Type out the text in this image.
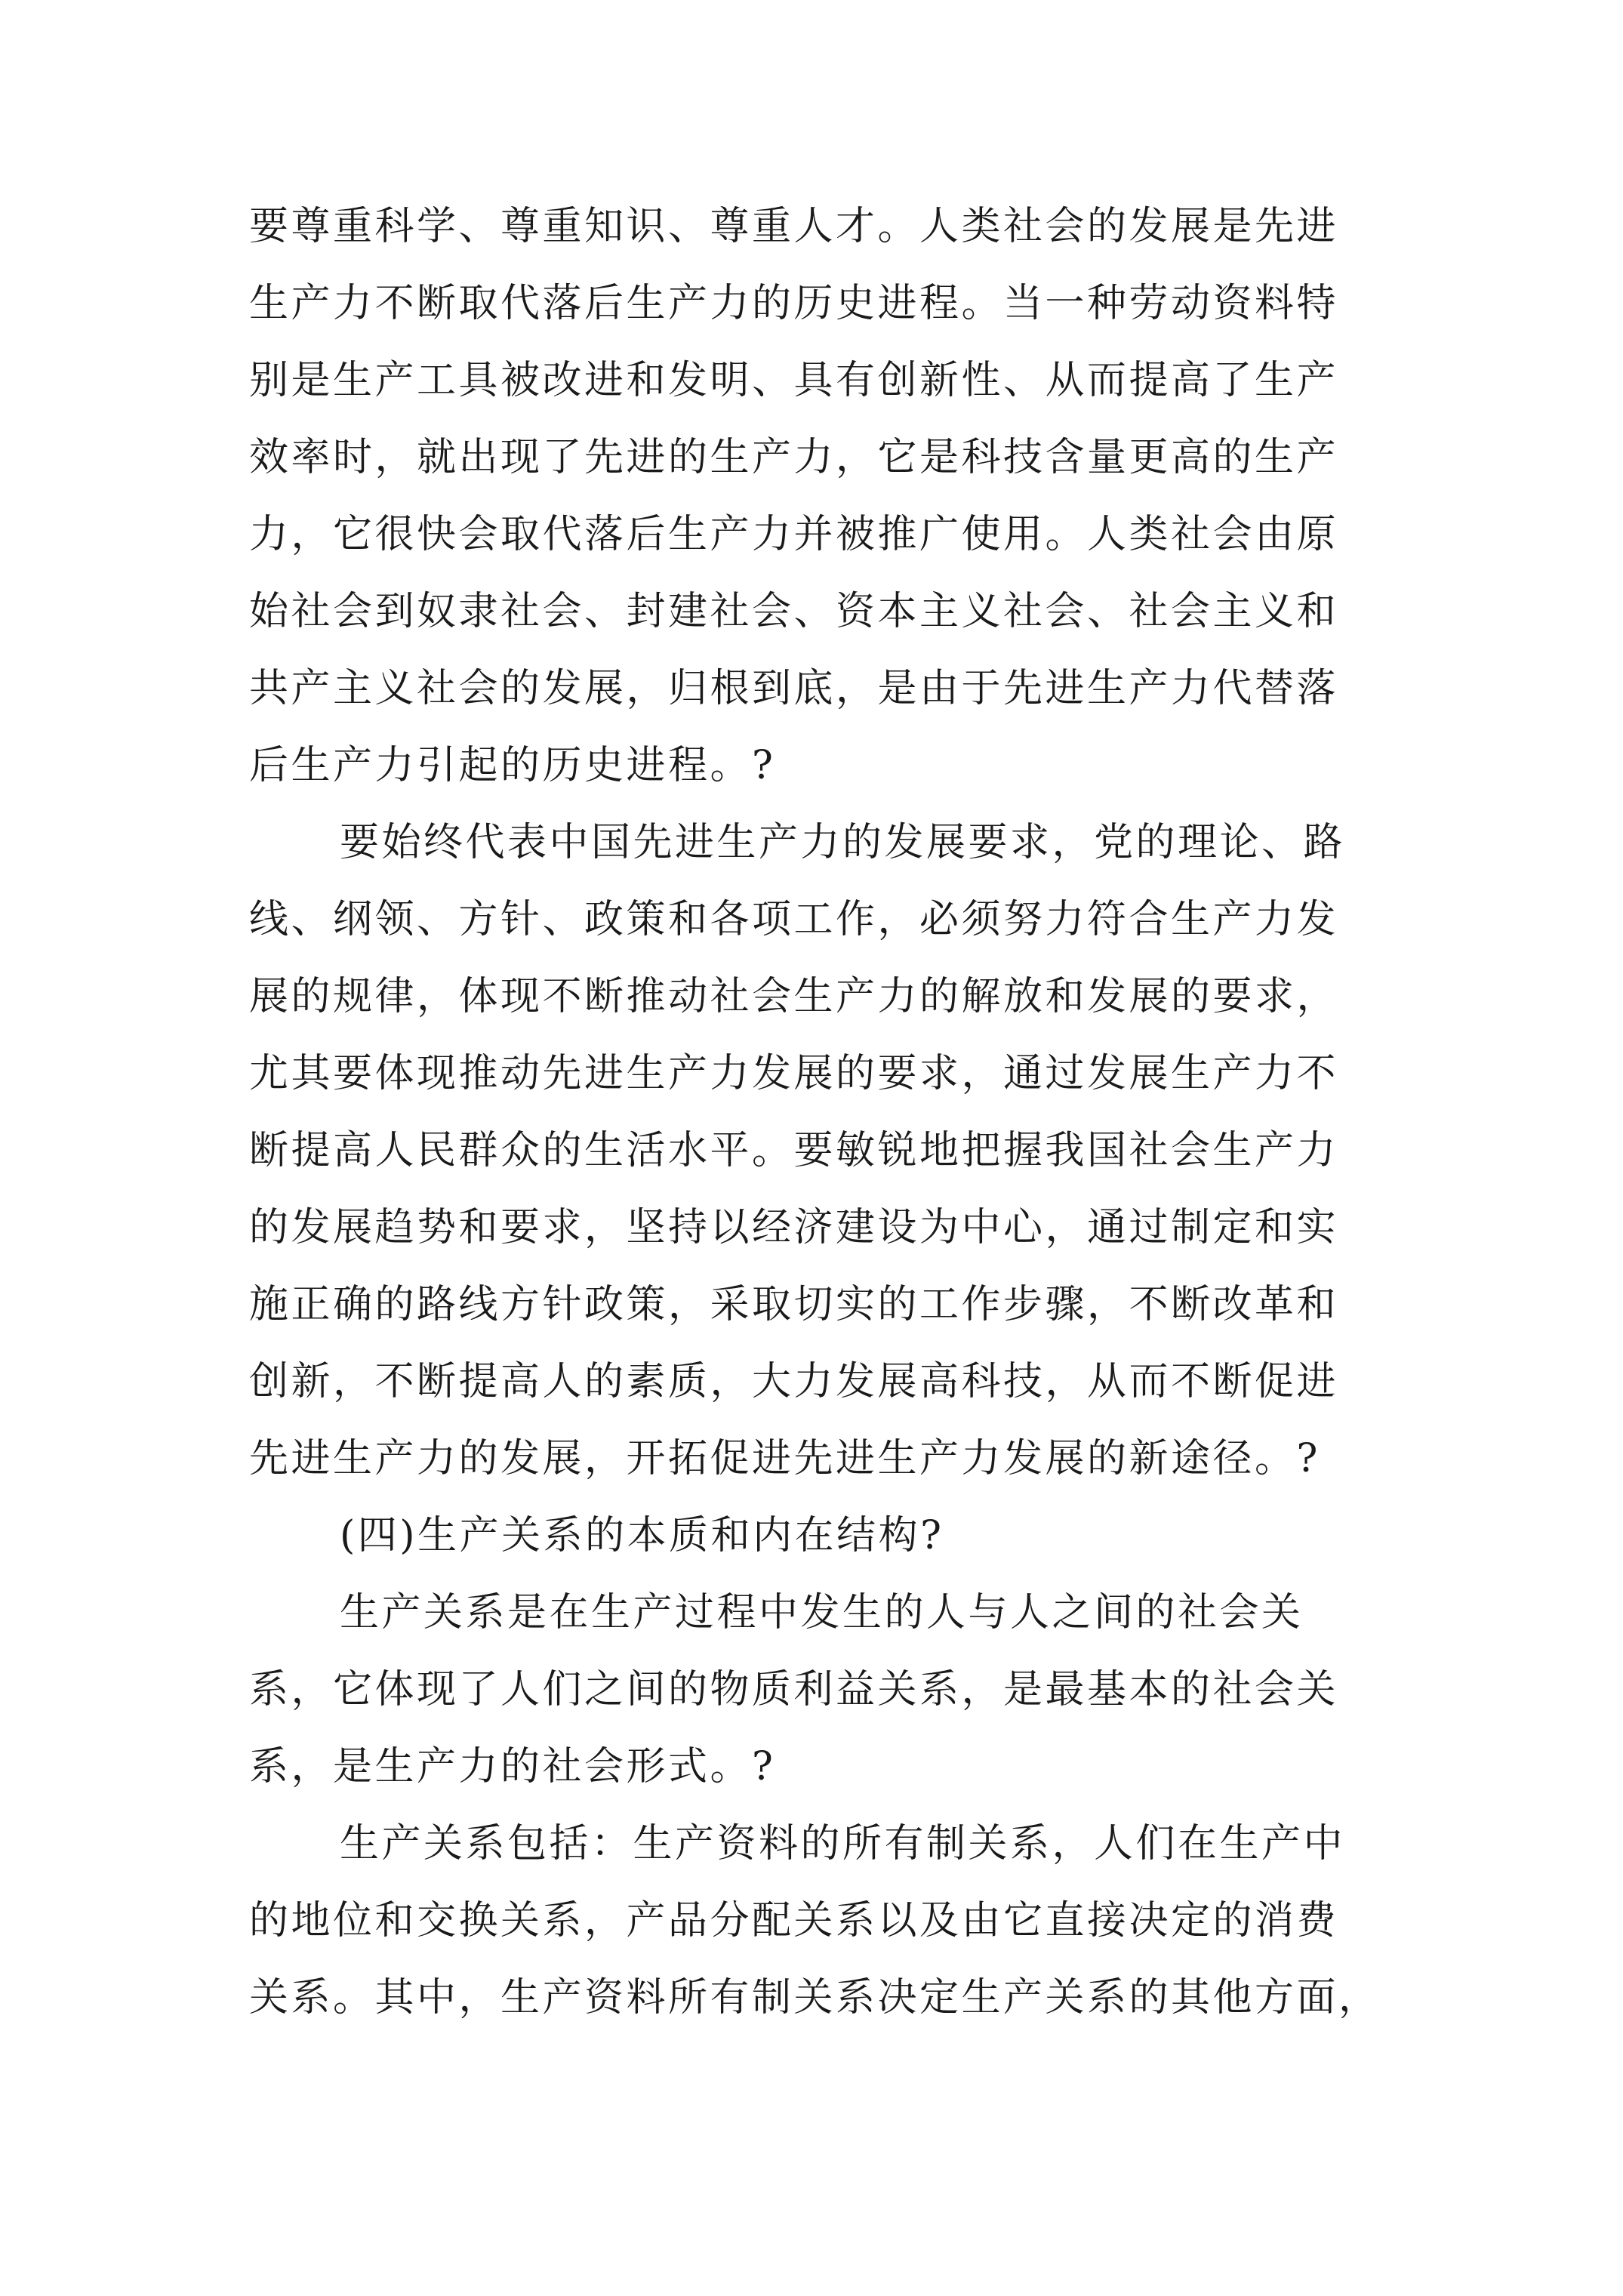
要尊重科学、尊重知识、尊重人才。人类社会的发展是先进

生产力不断取代落后生产力的历史进程。当一种劳动资料特

别是生产工具被改进和发明、具有创新性、从而提高了生产

效率时，就出现了先进的生产力，它是科技含量更高的生产

力，它很快会取代落后生产力并被推广使用。人类社会由原

始社会到奴隶社会、封建社会、资本主义社会、社会主义和

共产主义社会的发展，归根到底，是由于先进生产力代替落

后生产力引起的历史进程。?

要始终代表中国先进生产力的发展要求，党的理论、路

线、纲领、方针、政策和各项工作，必须努力符合生产力发

展的规律，体现不断推动社会生产力的解放和发展的要求，

尤其要体现推动先进生产力发展的要求，通过发展生产力不

断提高人民群众的生活水平。要敏锐地把握我国社会生产力

的发展趋势和要求，坚持以经济建设为中心，通过制定和实

施正确的路线方针政策，采取切实的工作步骤，不断改革和

创新，不断提高人的素质，大力发展高科技，从而不断促进

先进生产力的发展，开拓促进先进生产力发展的新途径。?

(四)生产关系的本质和内在结构?

生产关系是在生产过程中发生的人与人之间的社会关

系，它体现了人们之间的物质利益关系，是最基本的社会关

系，是生产力的社会形式。?

生产关系包括：生产资料的所有制关系，人们在生产中

的地位和交换关系，产品分配关系以及由它直接决定的消费

关系。其中，生产资料所有制关系决定生产关系的其他方面，
